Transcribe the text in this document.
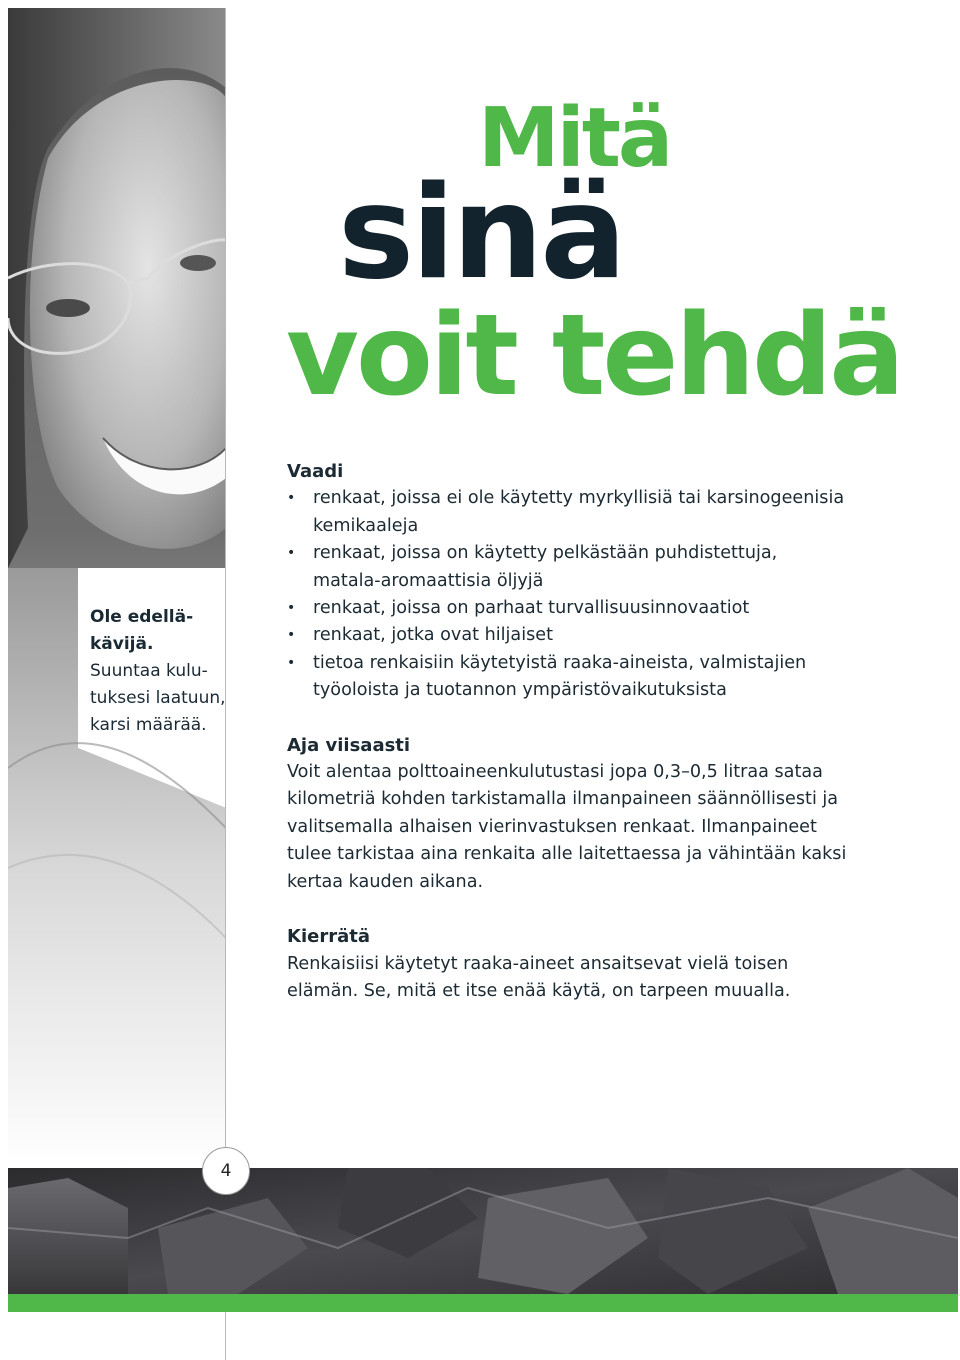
Ole edellä-
kävijä.
Suuntaa kulu-
tuksesi laatuun,
karsi määrää.
Mitä
sinä
voit tehdä
Vaadi
• renkaat, joissa ei ole käytetty myrkyllisiä tai karsinogeenisia kemikaaleja
• renkaat, joissa on käytetty pelkästään puhdistettuja, matala-aromaattisia öljyjä
• renkaat, joissa on parhaat turvallisuusinnovaatiot
• renkaat, jotka ovat hiljaiset
• tietoa renkaisiin käytetyistä raaka-aineista, valmistajien työoloista ja tuotannon ympäristövaikutuksista
Aja viisaasti

Voit alentaa polttoaineenkulutustasi jopa 0,3–0,5 litraa sataa kilometriä kohden tarkistamalla ilmanpaineen säännöllisesti ja valitsemalla alhaisen vierinvastuksen renkaat. Ilmanpaineet tulee tarkistaa aina renkaita alle laitettaessa ja vähintään kaksi kertaa kauden aikana.

Kierrätä

Renkaisiisi käytetyt raaka-aineet ansaitsevat vielä toisen elämän. Se, mitä et itse enää käytä, on tarpeen muualla.

4
